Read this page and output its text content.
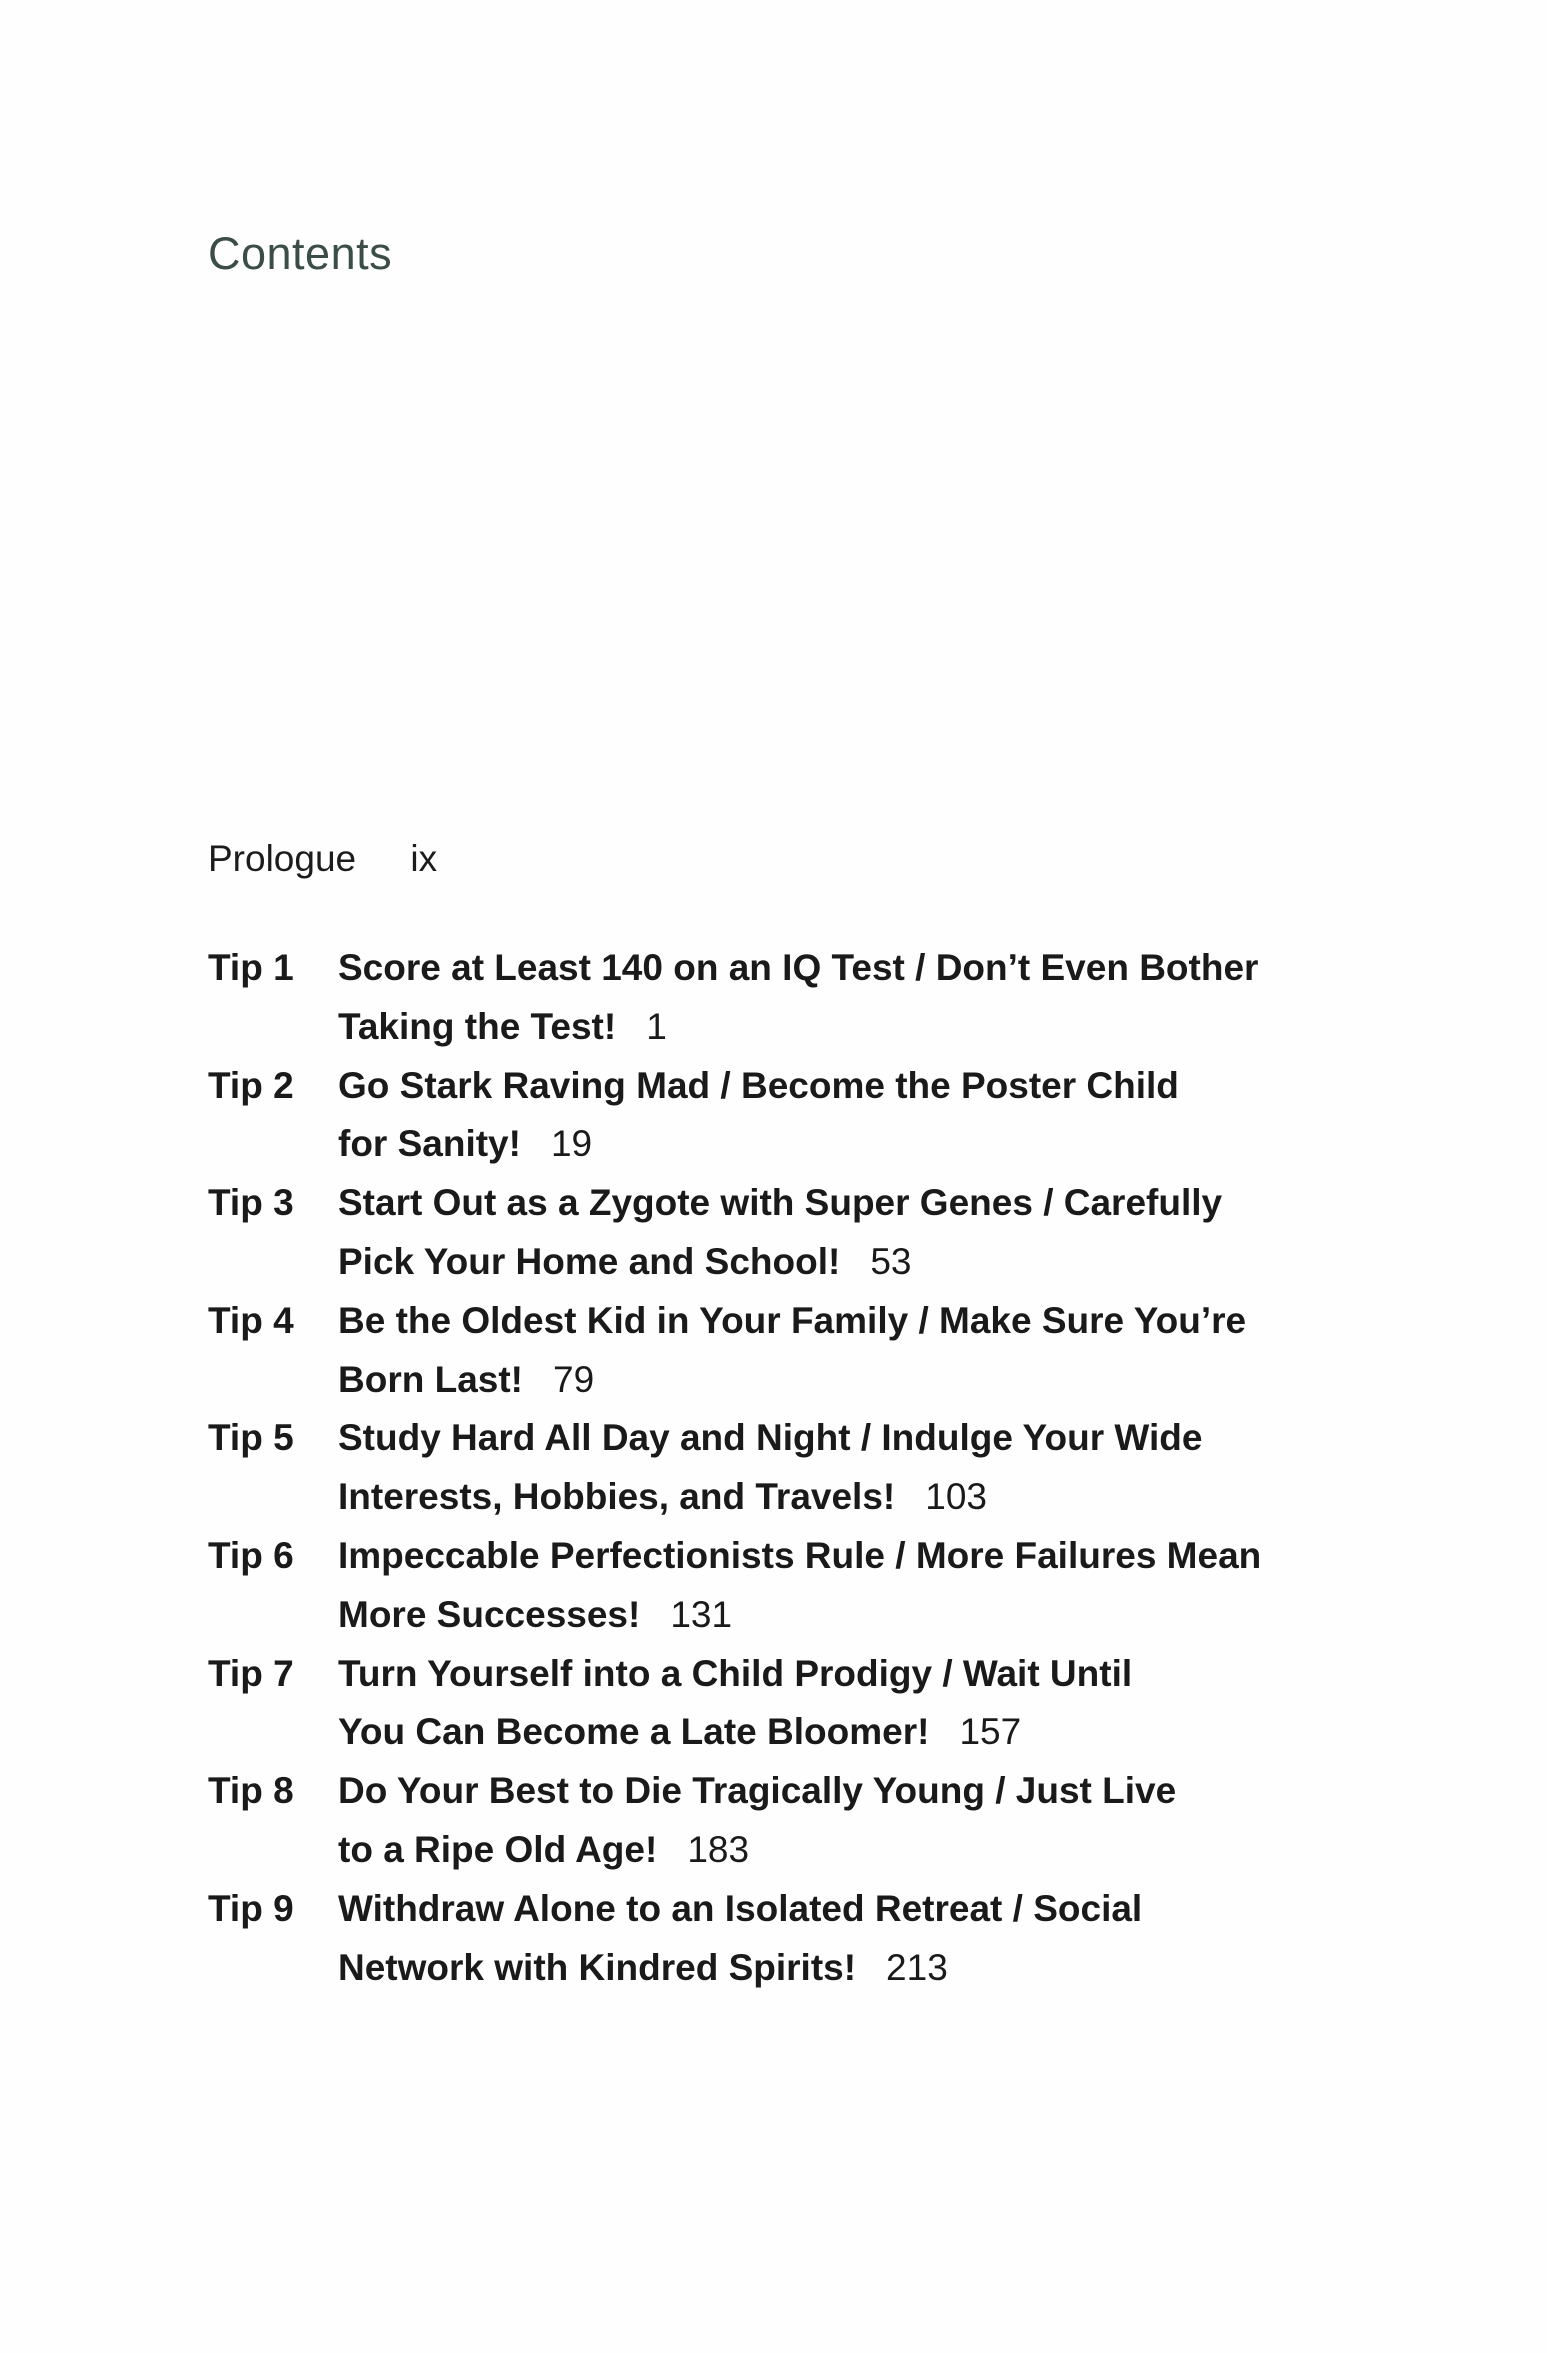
Contents
Prologue ix
Tip 1	Score at Least 140 on an IQ Test / Don’t Even Bother
Taking the Test! 1
Tip 2	Go Stark Raving Mad / Become the Poster Child
for Sanity! 19
Tip 3	Start Out as a Zygote with Super Genes / Carefully
Pick Your Home and School! 53
Tip 4	Be the Oldest Kid in Your Family / Make Sure You’re
Born Last! 79
Tip 5	Study Hard All Day and Night / Indulge Your Wide
Interests, Hobbies, and Travels! 103
Tip 6	Impeccable Perfectionists Rule / More Failures Mean
More Successes! 131
Tip 7	Turn Yourself into a Child Prodigy / Wait Until
You Can Become a Late Bloomer! 157
Tip 8	Do Your Best to Die Tragically Young / Just Live
to a Ripe Old Age! 183
Tip 9	Withdraw Alone to an Isolated Retreat / Social
Network with Kindred Spirits! 213
